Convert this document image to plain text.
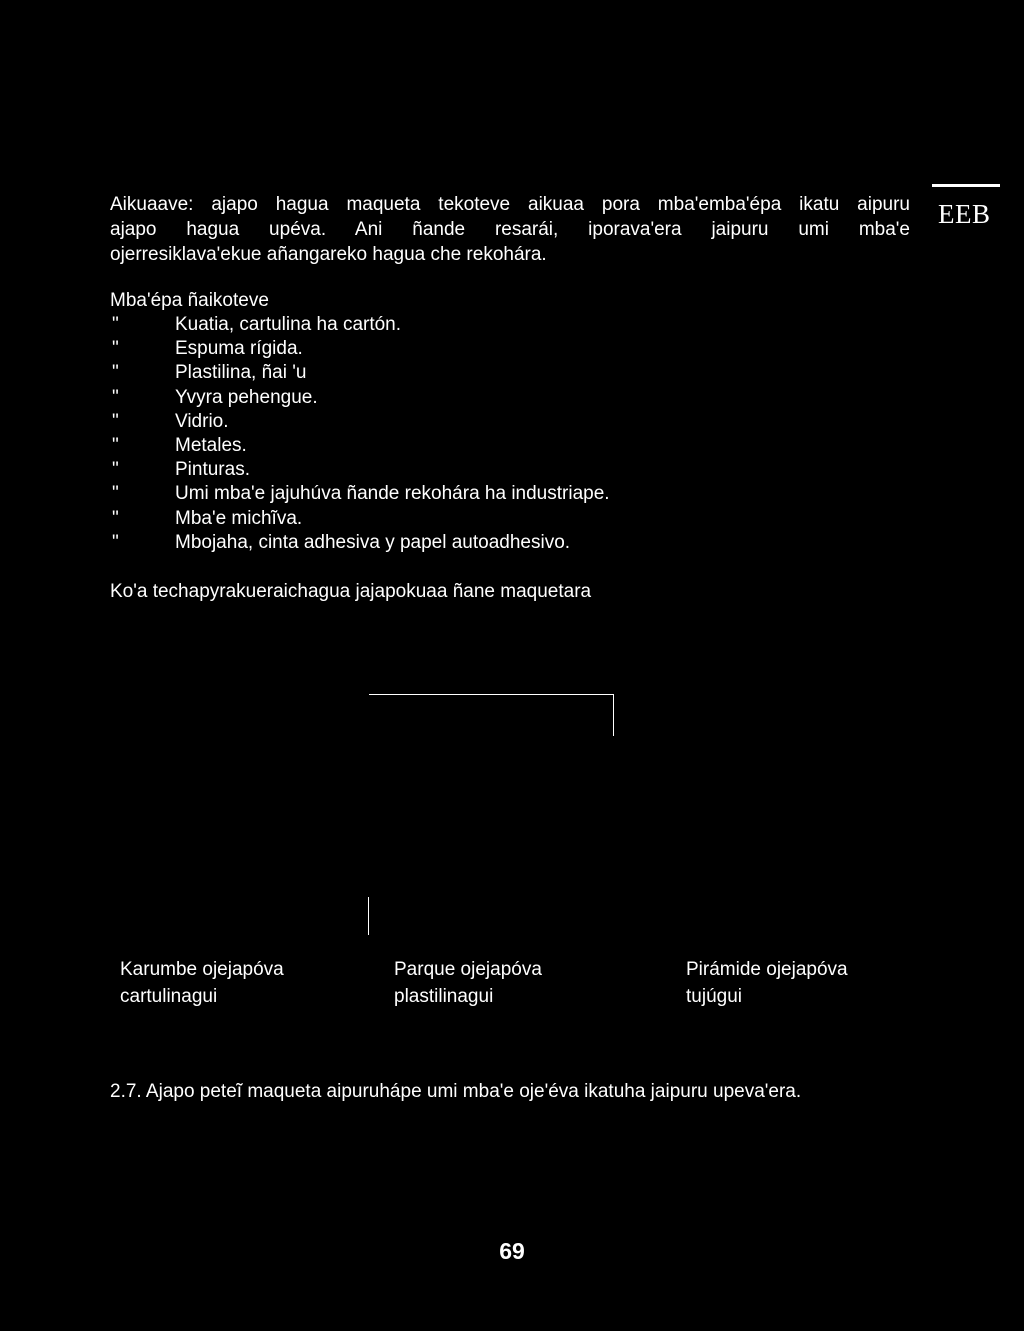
EEB
Aikuaave: ajapo hagua maqueta tekoteve aikuaa pora mba'emba'épa ikatu aipuru
ajapo hagua upéva. Ani ñande resarái, iporava'era jaipuru umi mba'e
ojerresiklava'ekue añangareko hagua che rekohára.
Mba'épa ñaikoteve
"	Kuatia, cartulina ha cartón.
"	Espuma rígida.
"	Plastilina, ñai 'u
"	Yvyra pehengue.
"	Vidrio.
"	Metales.
"	Pinturas.
"	Umi mba'e jajuhúva ñande rekohára ha industriape.
"	Mba'e michĩva.
"	Mbojaha, cinta adhesiva y papel autoadhesivo.
Ko'a techapyrakueraichagua jajapokuaa ñane maquetara
Karumbe ojejapóva
cartulinagui
Parque ojejapóva
plastilinagui
Pirámide ojejapóva
tujúgui
2.7. Ajapo peteĩ maqueta aipuruhápe umi mba'e oje'éva ikatuha jaipuru upeva'era.
69
